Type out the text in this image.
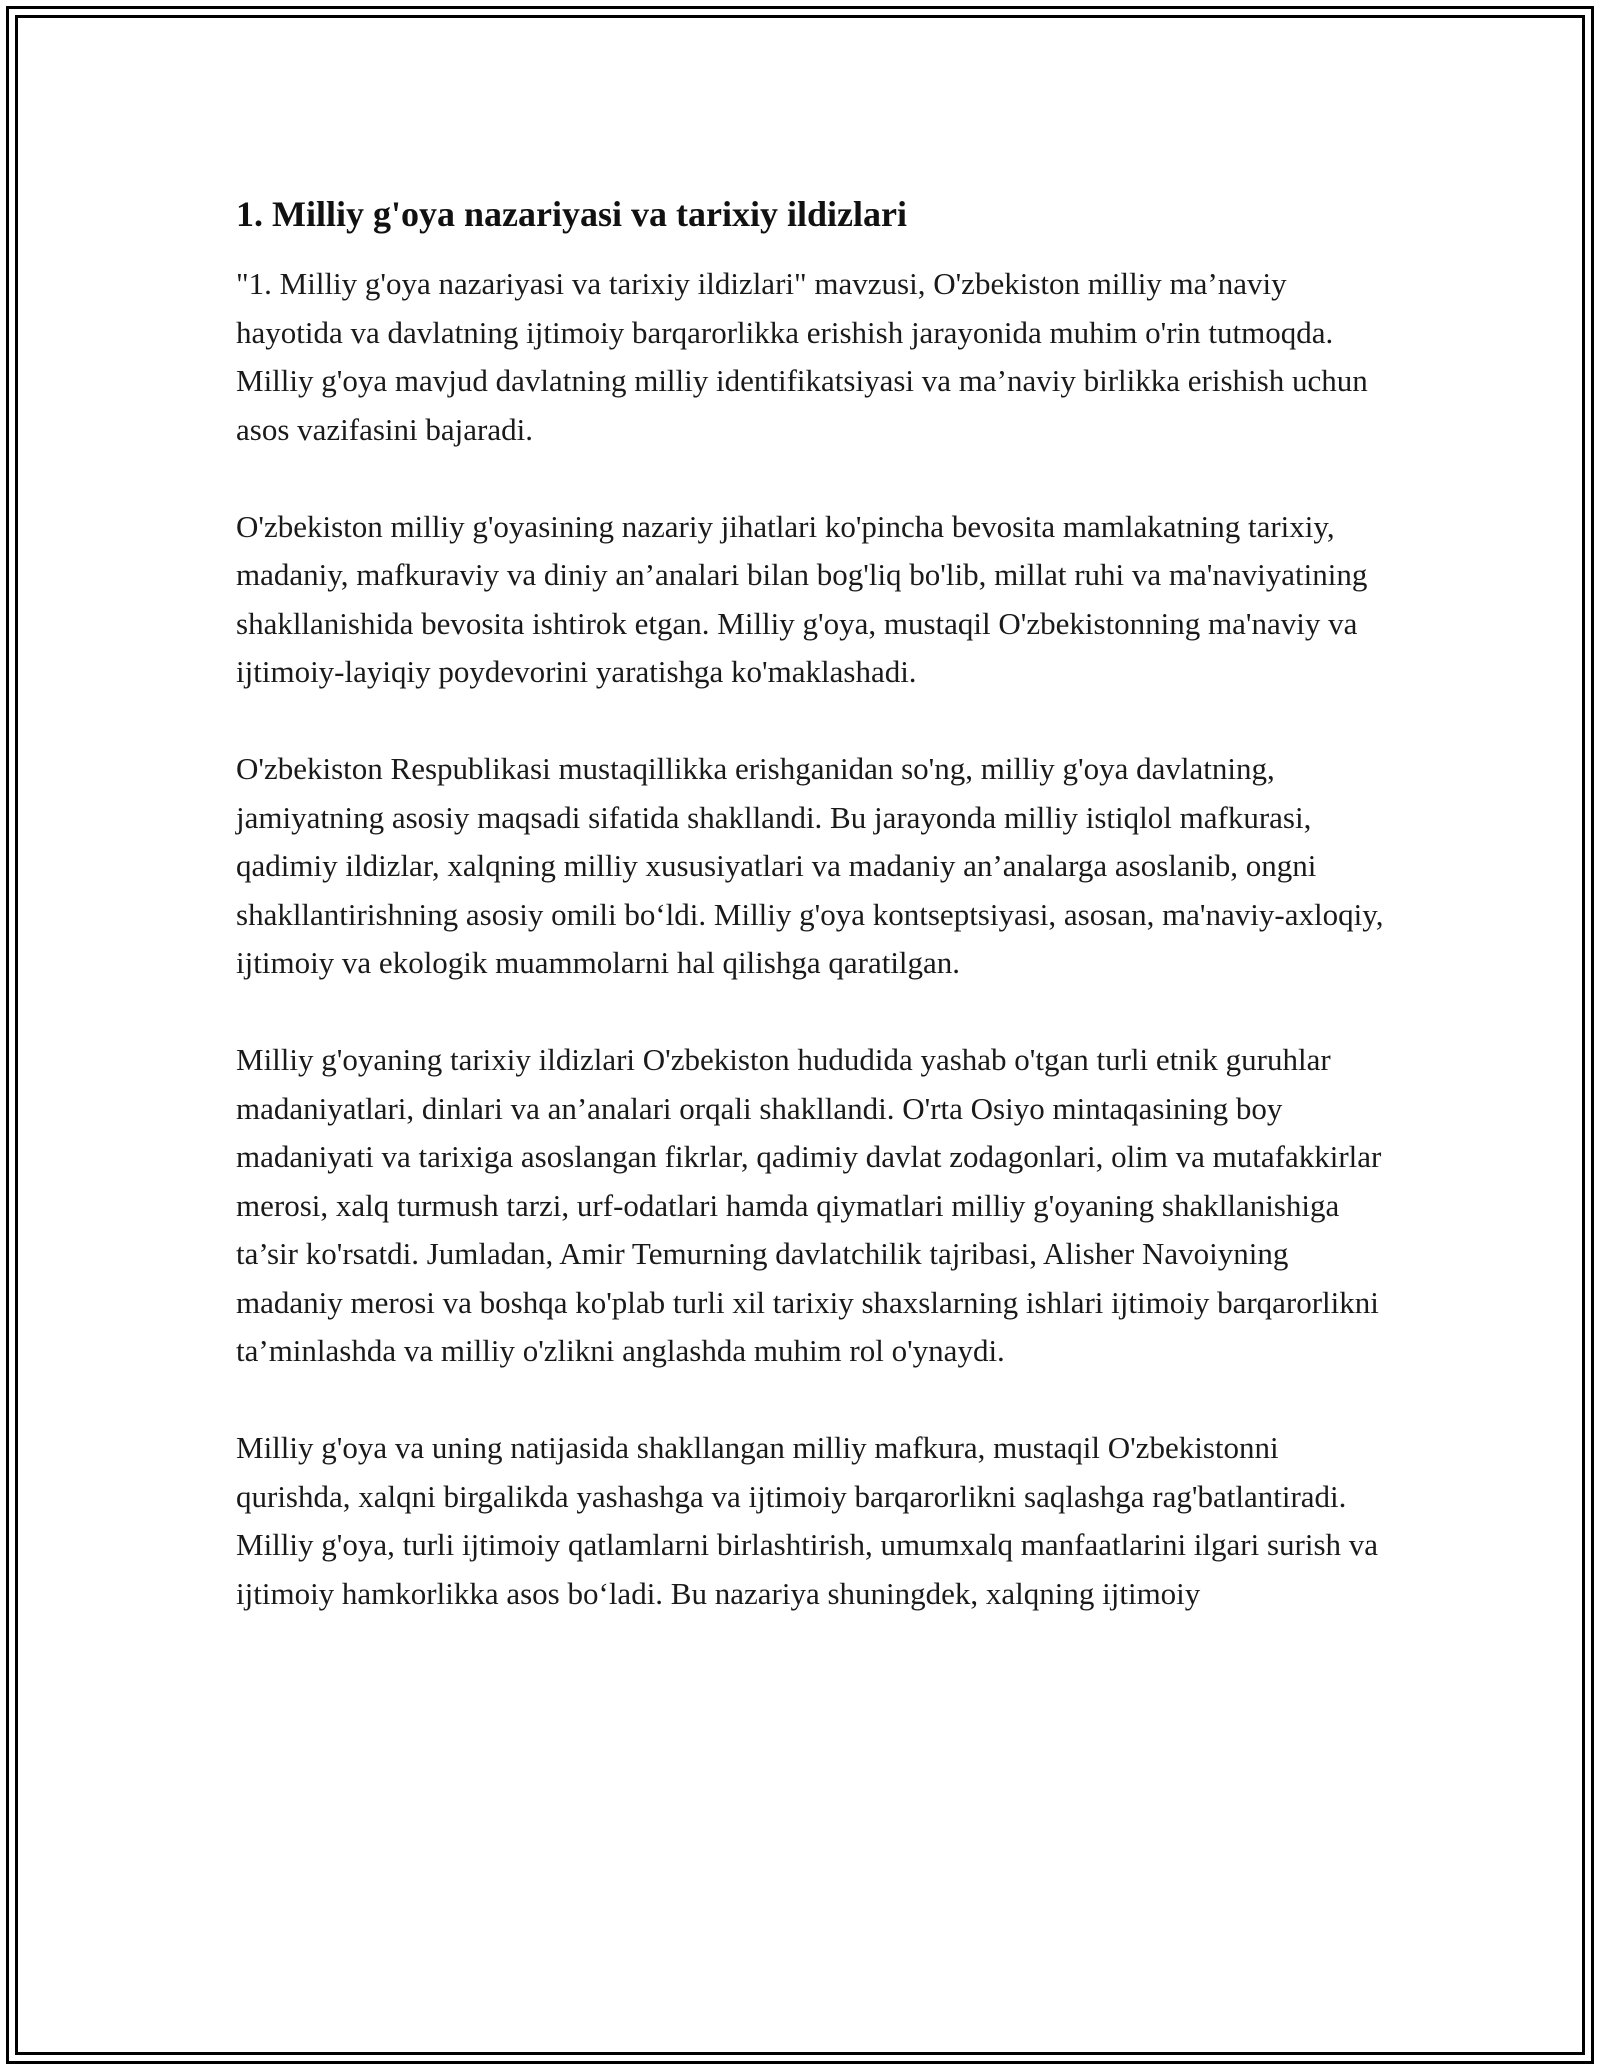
1. Milliy g'oya nazariyasi va tarixiy ildizlari

"1. Milliy g'oya nazariyasi va tarixiy ildizlari" mavzusi, O'zbekiston milliy ma’naviy hayotida va davlatning ijtimoiy barqarorlikka erishish jarayonida muhim o'rin tutmoqda. Milliy g'oya mavjud davlatning milliy identifikatsiyasi va ma’naviy birlikka erishish uchun asos vazifasini bajaradi.

O'zbekiston milliy g'oyasining nazariy jihatlari ko'pincha bevosita mamlakatning tarixiy, madaniy, mafkuraviy va diniy an’analari bilan bog'liq bo'lib, millat ruhi va ma'naviyatining shakllanishida bevosita ishtirok etgan. Milliy g'oya, mustaqil O'zbekistonning ma'naviy va ijtimoiy-layiqiy poydevorini yaratishga ko'maklashadi.

O'zbekiston Respublikasi mustaqillikka erishganidan so'ng, milliy g'oya davlatning, jamiyatning asosiy maqsadi sifatida shakllandi. Bu jarayonda milliy istiqlol mafkurasi, qadimiy ildizlar, xalqning milliy xususiyatlari va madaniy an’analarga asoslanib, ongni shakllantirishning asosiy omili bo‘ldi. Milliy g'oya kontseptsiyasi, asosan, ma'naviy-axloqiy, ijtimoiy va ekologik muammolarni hal qilishga qaratilgan.

Milliy g'oyaning tarixiy ildizlari O'zbekiston hududida yashab o'tgan turli etnik guruhlar madaniyatlari, dinlari va an’analari orqali shakllandi. O'rta Osiyo mintaqasining boy madaniyati va tarixiga asoslangan fikrlar, qadimiy davlat zodagonlari, olim va mutafakkirlar merosi, xalq turmush tarzi, urf-odatlari hamda qiymatlari milliy g'oyaning shakllanishiga ta’sir ko'rsatdi. Jumladan, Amir Temurning davlatchilik tajribasi, Alisher Navoiyning madaniy merosi va boshqa ko'plab turli xil tarixiy shaxslarning ishlari ijtimoiy barqarorlikni ta’minlashda va milliy o'zlikni anglashda muhim rol o'ynaydi.

Milliy g'oya va uning natijasida shakllangan milliy mafkura, mustaqil O'zbekistonni qurishda, xalqni birgalikda yashashga va ijtimoiy barqarorlikni saqlashga rag'batlantiradi. Milliy g'oya, turli ijtimoiy qatlamlarni birlashtirish, umumxalq manfaatlarini ilgari surish va ijtimoiy hamkorlikka asos bo‘ladi. Bu nazariya shuningdek, xalqning ijtimoiy
